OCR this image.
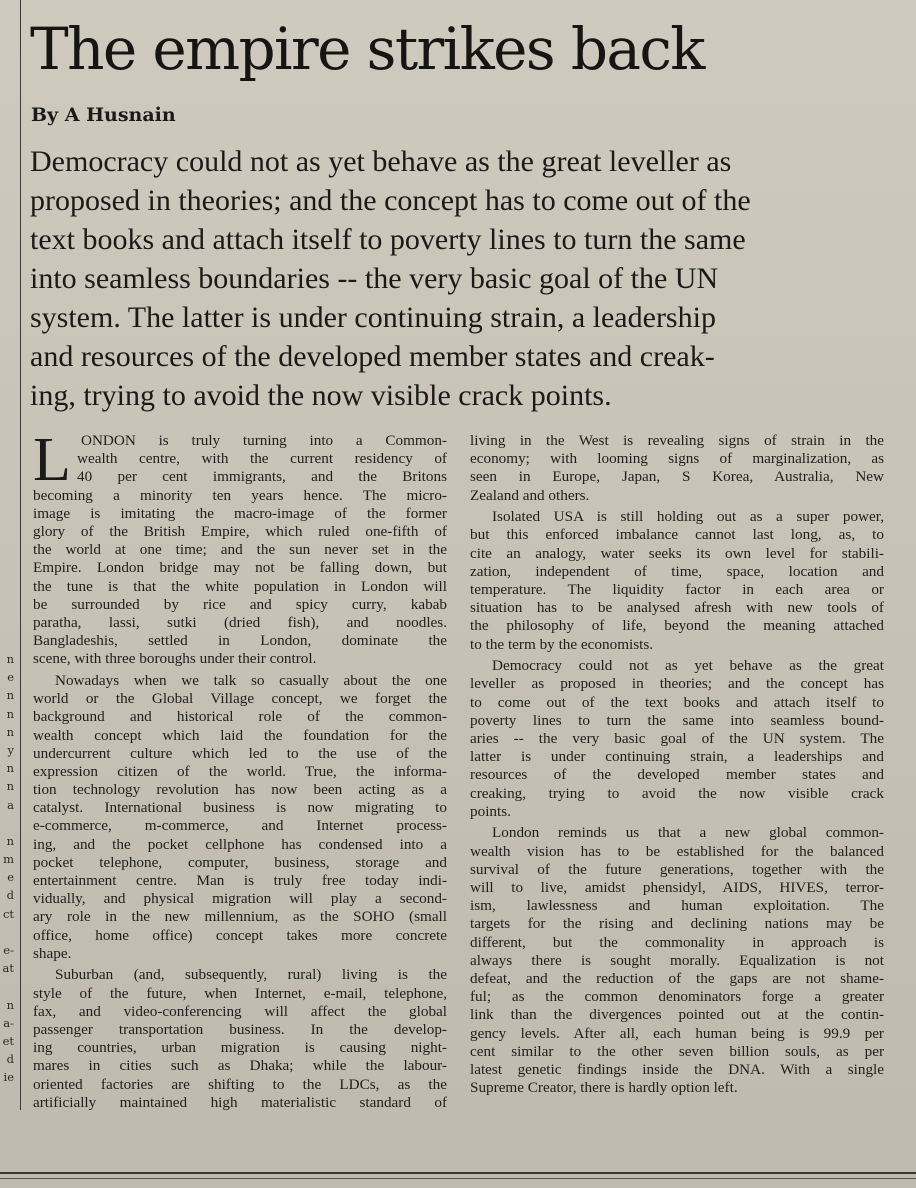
n
e
n
n
n
y
n
n
a
n
m
e
d
ct
e-
at
n
a-
et
d
ie
The empire strikes back
By A Husnain
Democracy could not as yet behave as the great leveller as
proposed in theories; and the concept has to come out of the
text books and attach itself to poverty lines to turn the same
into seamless boundaries -- the very basic goal of the UN
system. The latter is under continuing strain, a leadership
and resources of the developed member states and creak-
ing, trying to avoid the now visible crack points.
L ONDON is truly turning into a Common-
wealth centre, with the current residency of
40 per cent immigrants, and the Britons
becoming a minority ten years hence. The micro-
image is imitating the macro-image of the former
glory of the British Empire, which ruled one-fifth of
the world at one time; and the sun never set in the
Empire. London bridge may not be falling down, but
the tune is that the white population in London will
be surrounded by rice and spicy curry, kabab
paratha, lassi, sutki (dried fish), and noodles.
Bangladeshis, settled in London, dominate the
scene, with three boroughs under their control.
Nowadays when we talk so casually about the one
world or the Global Village concept, we forget the
background and historical role of the common-
wealth concept which laid the foundation for the
undercurrent culture which led to the use of the
expression citizen of the world. True, the informa-
tion technology revolution has now been acting as a
catalyst. International business is now migrating to
e-commerce, m-commerce, and Internet process-
ing, and the pocket cellphone has condensed into a
pocket telephone, computer, business, storage and
entertainment centre. Man is truly free today indi-
vidually, and physical migration will play a second-
ary role in the new millennium, as the SOHO (small
office, home office) concept takes more concrete
shape.
Suburban (and, subsequently, rural) living is the
style of the future, when Internet, e-mail, telephone,
fax, and video-conferencing will affect the global
passenger transportation business. In the develop-
ing countries, urban migration is causing night-
mares in cities such as Dhaka; while the labour-
oriented factories are shifting to the LDCs, as the
artificially maintained high materialistic standard of
living in the West is revealing signs of strain in the
economy; with looming signs of marginalization, as
seen in Europe, Japan, S Korea, Australia, New
Zealand and others.
Isolated USA is still holding out as a super power,
but this enforced imbalance cannot last long, as, to
cite an analogy, water seeks its own level for stabili-
zation, independent of time, space, location and
temperature. The liquidity factor in each area or
situation has to be analysed afresh with new tools of
the philosophy of life, beyond the meaning attached
to the term by the economists.
Democracy could not as yet behave as the great
leveller as proposed in theories; and the concept has
to come out of the text books and attach itself to
poverty lines to turn the same into seamless bound-
aries -- the very basic goal of the UN system. The
latter is under continuing strain, a leaderships and
resources of the developed member states and
creaking, trying to avoid the now visible crack
points.
London reminds us that a new global common-
wealth vision has to be established for the balanced
survival of the future generations, together with the
will to live, amidst phensidyl, AIDS, HIVES, terror-
ism, lawlessness and human exploitation. The
targets for the rising and declining nations may be
different, but the commonality in approach is
always there is sought morally. Equalization is not
defeat, and the reduction of the gaps are not shame-
ful; as the common denominators forge a greater
link than the divergences pointed out at the contin-
gency levels. After all, each human being is 99.9 per
cent similar to the other seven billion souls, as per
latest genetic findings inside the DNA. With a single
Supreme Creator, there is hardly option left.
